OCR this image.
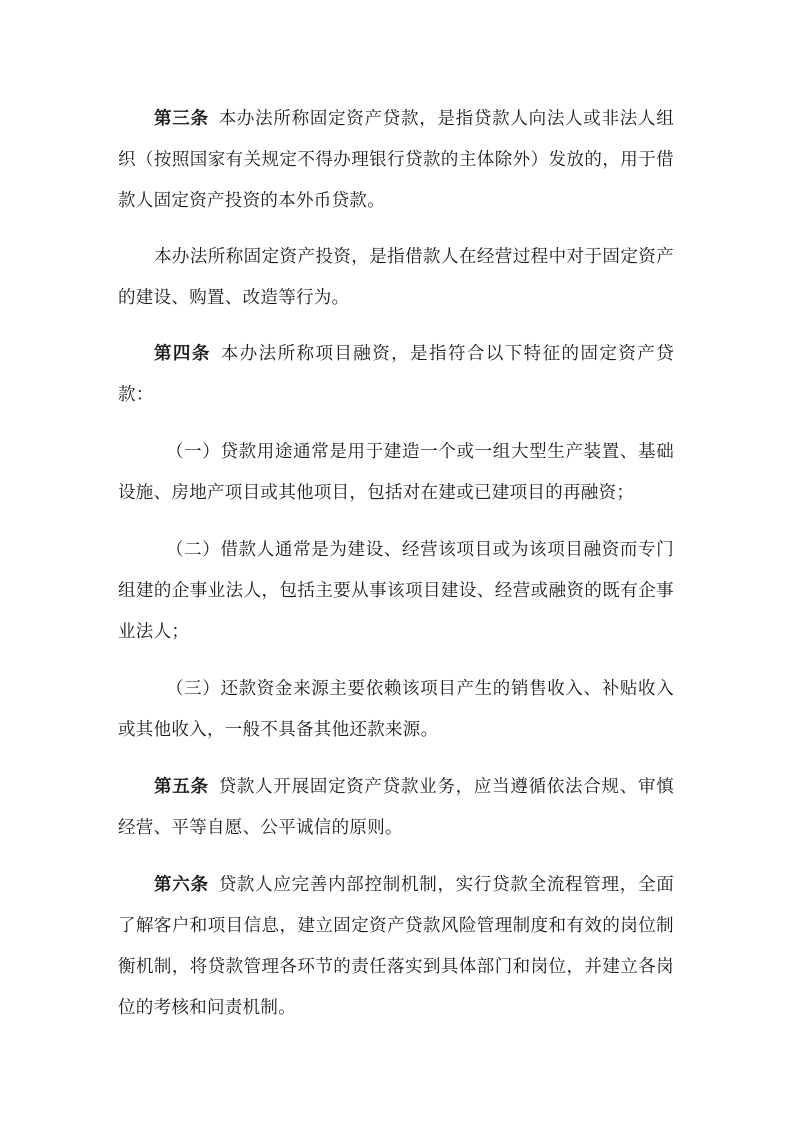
第三条 本办法所称固定资产贷款，是指贷款人向法人或非法人组织（按照国家有关规定不得办理银行贷款的主体除外）发放的，用于借款人固定资产投资的本外币贷款。

本办法所称固定资产投资，是指借款人在经营过程中对于固定资产的建设、购置、改造等行为。

第四条 本办法所称项目融资，是指符合以下特征的固定资产贷款：

（一）贷款用途通常是用于建造一个或一组大型生产装置、基础设施、房地产项目或其他项目，包括对在建或已建项目的再融资；

（二）借款人通常是为建设、经营该项目或为该项目融资而专门组建的企事业法人，包括主要从事该项目建设、经营或融资的既有企事业法人；

（三）还款资金来源主要依赖该项目产生的销售收入、补贴收入或其他收入，一般不具备其他还款来源。

第五条 贷款人开展固定资产贷款业务，应当遵循依法合规、审慎经营、平等自愿、公平诚信的原则。

第六条 贷款人应完善内部控制机制，实行贷款全流程管理，全面了解客户和项目信息，建立固定资产贷款风险管理制度和有效的岗位制衡机制，将贷款管理各环节的责任落实到具体部门和岗位，并建立各岗位的考核和问责机制。
